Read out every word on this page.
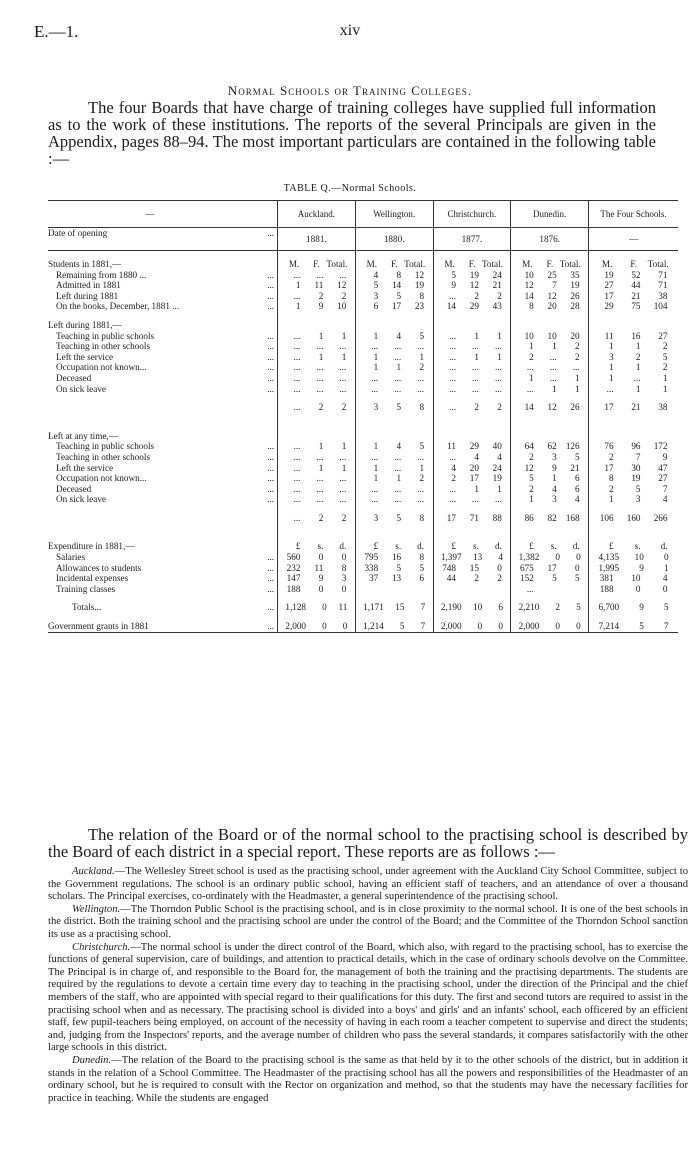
E.—1.	xiv
Normal Schools or Training Colleges.

The four Boards that have charge of training colleges have supplied full information as to the work of these institutions. The reports of the several Principals are given in the Appendix, pages 88–94. The most important particulars are contained in the following table :—

TABLE Q.—Normal Schools.
—		Auckland.	Wellington.	Christchurch.	Dunedin.	The Four Schools.
Date of opening	...	1881.	1880.	1877.	1876.	—

Students in 1881,—		M. F. Total.	M. F. Total.	M. F. Total.	M. F. Total.	M. F. Total.

Remaining from 1880 ...	...	... ... ...	4 8 12	5 19 24	10 25 35	19 52 71

Admitted in 1881	...	1 11 12	5 14 19	9 12 21	12 7 19	27 44 71

Left during 1881	...	... 2 2	3 5 8	... 2 2	14 12 26	17 21 38

On the books, December, 1881 ...	...	1 9 10	6 17 23	14 29 43	8 20 28	29 75 104

Left during 1881,—						
Teaching in public schools	...	... 1 1	1 4 5	... 1 1	10 10 20	11 16 27

Teaching in other schools	...	... ... ...	... ... ...	... ... ...	1 1 2	1 1 2

Left the service	...	... 1 1	1 ... 1	... 1 1	2 ... 2	3 2 5

Occupation not known...	...	... ... ...	1 1 2	... ... ...	... ... ...	1 1 2

Deceased	...	... ... ...	... ... ...	... ... ...	1 ... 1	1 ... 1

On sick leave	...	... ... ...	... ... ...	... ... ...	... 1 1	... 1 1

		... 2 2	3 5 8	... 2 2	14 12 26	17 21 38

Left at any time,—						
Teaching in public schools	...	... 1 1	1 4 5	11 29 40	64 62 126	76 96 172

Teaching in other schools	...	... ... ...	... ... ...	... 4 4	2 3 5	2 7 9

Left the service	...	... 1 1	1 ... 1	4 20 24	12 9 21	17 30 47

Occupation not known...	...	... ... ...	1 1 2	2 17 19	5 1 6	8 19 27

Deceased	...	... ... ...	... ... ...	... 1 1	2 4 6	2 5 7

On sick leave	...	... ... ...	... ... ...	... ... ...	1 3 4	1 3 4

		... 2 2	3 5 8	17 71 88	86 82 168	106 160 266

Expenditure in 1881,—		£ s. d.	£ s. d.	£ s. d.	£ s. d.	£ s. d.

Salaries	...	560 0 0	795 16 8	1,397 13 4	1,382 0 0	4,135 10 0

Allowances to students	...	232 11 8	338 5 5	748 15 0	675 17 0	1,995 9 1

Incidental expenses	...	147 9 3	37 13 6	44 2 2	152 5 5	381 10 4

Training classes	...	188 0 0			...	188 0 0

Totals...	...	1,128 0 11	1,171 15 7	2,190 10 6	2,210 2 5	6,700 9 5

Government grants in 1881	...	2,000 0 0	1,214 5 7	2,000 0 0	2,000 0 0	7,214 5 7

The relation of the Board or of the normal school to the practising school is described by the Board of each district in a special report. These reports are as follows :—

Auckland.—The Wellesley Street school is used as the practising school, under agreement with the Auckland City School Committee, subject to the Government regulations. The school is an ordinary public school, having an efficient staff of teachers, and an attendance of over a thousand scholars. The Principal exercises, co-ordinately with the Headmaster, a general superintendence of the practising school.

Wellington.—The Thorndon Public School is the practising school, and is in close proximity to the normal school. It is one of the best schools in the district. Both the training school and the practising school are under the control of the Board; and the Committee of the Thorndon School sanction its use as a practising school.

Christchurch.—The normal school is under the direct control of the Board, which also, with regard to the practising school, has to exercise the functions of general supervision, care of buildings, and attention to practical details, which in the case of ordinary schools devolve on the Committee. The Principal is in charge of, and responsible to the Board for, the management of both the training and the practising departments. The students are required by the regulations to devote a certain time every day to teaching in the practising school, under the direction of the Principal and the chief members of the staff, who are appointed with special regard to their qualifications for this duty. The first and second tutors are required to assist in the practising school when and as necessary. The practising school is divided into a boys' and girls' and an infants' school, each officered by an efficient staff, few pupil-teachers being employed, on account of the necessity of having in each room a teacher competent to supervise and direct the students; and, judging from the Inspectors' reports, and the average number of children who pass the several standards, it compares satisfactorily with the other large schools in this district.

Dunedin.—The relation of the Board to the practising school is the same as that held by it to the other schools of the district, but in addition it stands in the relation of a School Committee. The Headmaster of the practising school has all the powers and responsibilities of the Headmaster of an ordinary school, but he is required to consult with the Rector on organization and method, so that the students may have the necessary facilities for practice in teaching. While the students are engaged
